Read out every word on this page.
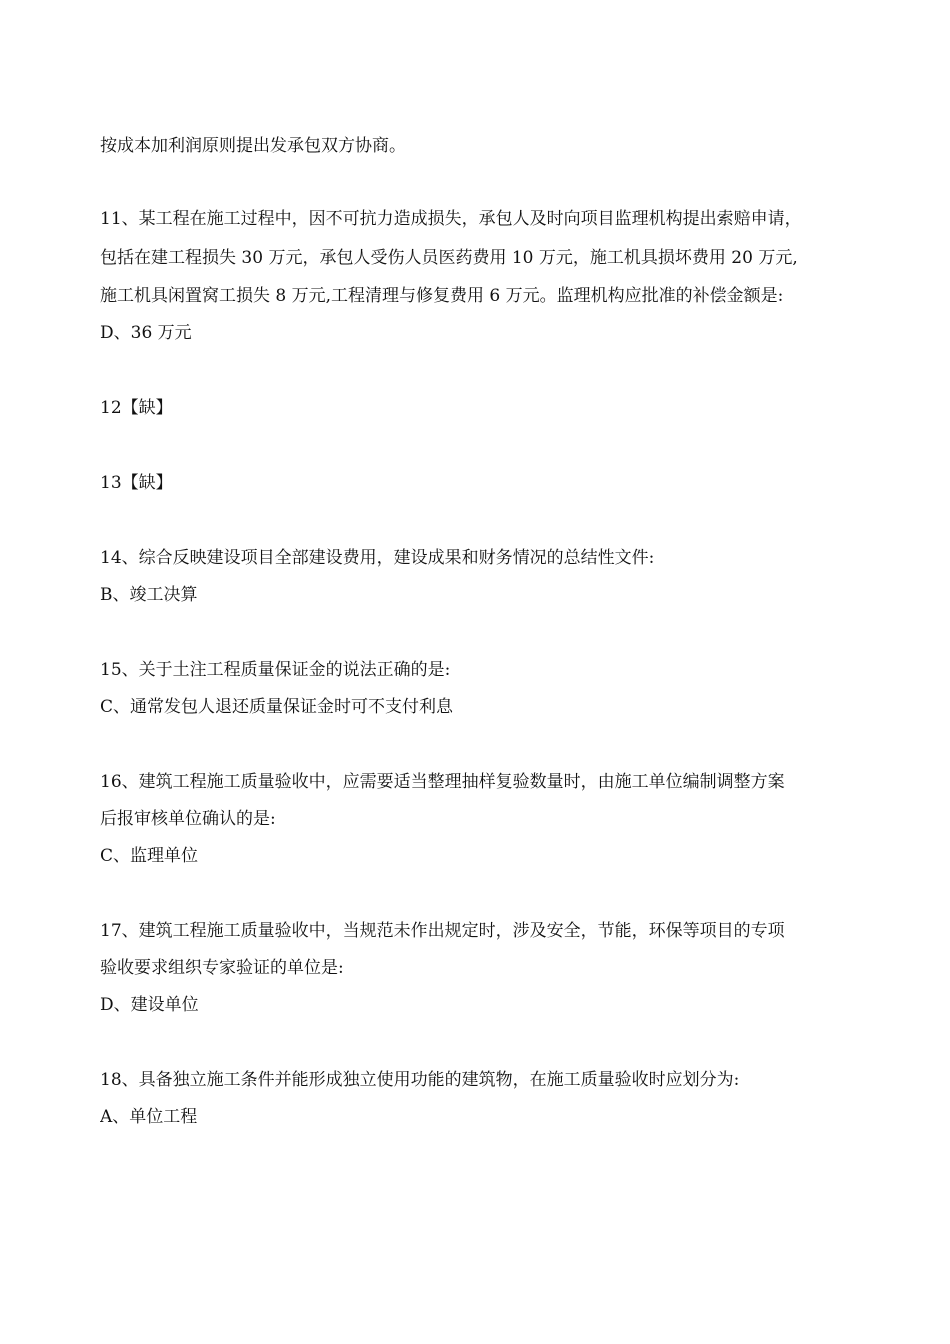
按成本加利润原则提出发承包双方协商。
11、某工程在施工过程中，因不可抗力造成损失，承包人及时向项目监理机构提出索赔申请，
包括在建工程损失 30 万元，承包人受伤人员医药费用 10 万元，施工机具损坏费用 20 万元,
施工机具闲置窝工损失 8 万元,工程清理与修复费用 6 万元。监理机构应批准的补偿金额是:
D、36 万元
12【缺】
13【缺】
14、综合反映建设项目全部建设费用，建设成果和财务情况的总结性文件:
B、竣工决算
15、关于土注工程质量保证金的说法正确的是:
C、通常发包人退还质量保证金时可不支付利息
16、建筑工程施工质量验收中，应需要适当整理抽样复验数量时，由施工单位编制调整方案
后报审核单位确认的是:
C、监理单位
17、建筑工程施工质量验收中，当规范未作出规定时，涉及安全，节能，环保等项目的专项
验收要求组织专家验证的单位是:
D、建设单位
18、具备独立施工条件并能形成独立使用功能的建筑物，在施工质量验收时应划分为:
A、单位工程
